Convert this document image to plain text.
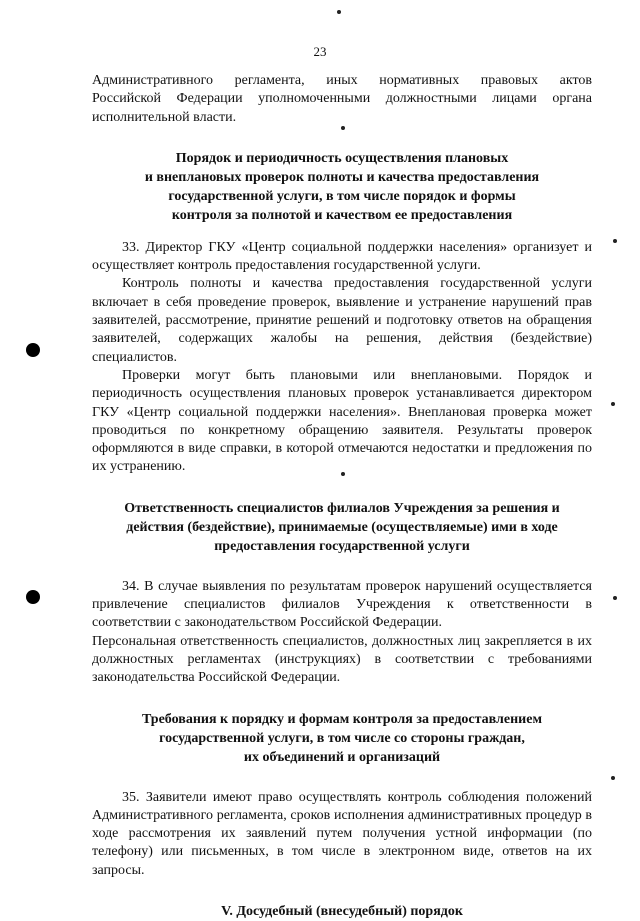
23
Административного регламента, иных нормативных правовых актов
Российской Федерации уполномоченными должностными лицами органа
исполнительной власти.
Порядок и периодичность осуществления плановых
и внеплановых проверок полноты и качества предоставления
государственной услуги, в том числе порядок и формы
контроля за полнотой и качеством ее предоставления

33. Директор ГКУ «Центр социальной поддержки населения» организует и осуществляет контроль предоставления государственной услуги.

Контроль полноты и качества предоставления государственной услуги включает в себя проведение проверок, выявление и устранение нарушений прав заявителей, рассмотрение, принятие решений и подготовку ответов на обращения заявителей, содержащих жалобы на решения, действия (бездействие) специалистов.

Проверки могут быть плановыми или внеплановыми. Порядок и периодичность осуществления плановых проверок устанавливается директором ГКУ «Центр социальной поддержки населения». Внеплановая проверка может проводиться по конкретному обращению заявителя. Результаты проверок оформляются в виде справки, в которой отмечаются недостатки и предложения по их устранению.

Ответственность специалистов филиалов Учреждения за решения и
действия (бездействие), принимаемые (осуществляемые) ими в ходе
предоставления государственной услуги

34. В случае выявления по результатам проверок нарушений осуществляется привлечение специалистов филиалов Учреждения к ответственности в соответствии с законодательством Российской Федерации.

Персональная ответственность специалистов, должностных лиц закрепляется в их должностных регламентах (инструкциях) в соответствии с требованиями законодательства Российской Федерации.

Требования к порядку и формам контроля за предоставлением
государственной услуги, в том числе со стороны граждан,
их объединений и организаций

35. Заявители имеют право осуществлять контроль соблюдения положений Административного регламента, сроков исполнения административных процедур в ходе рассмотрения их заявлений путем получения устной информации (по телефону) или письменных, в том числе в электронном виде, ответов на их запросы.

V. Досудебный (внесудебный) порядок
